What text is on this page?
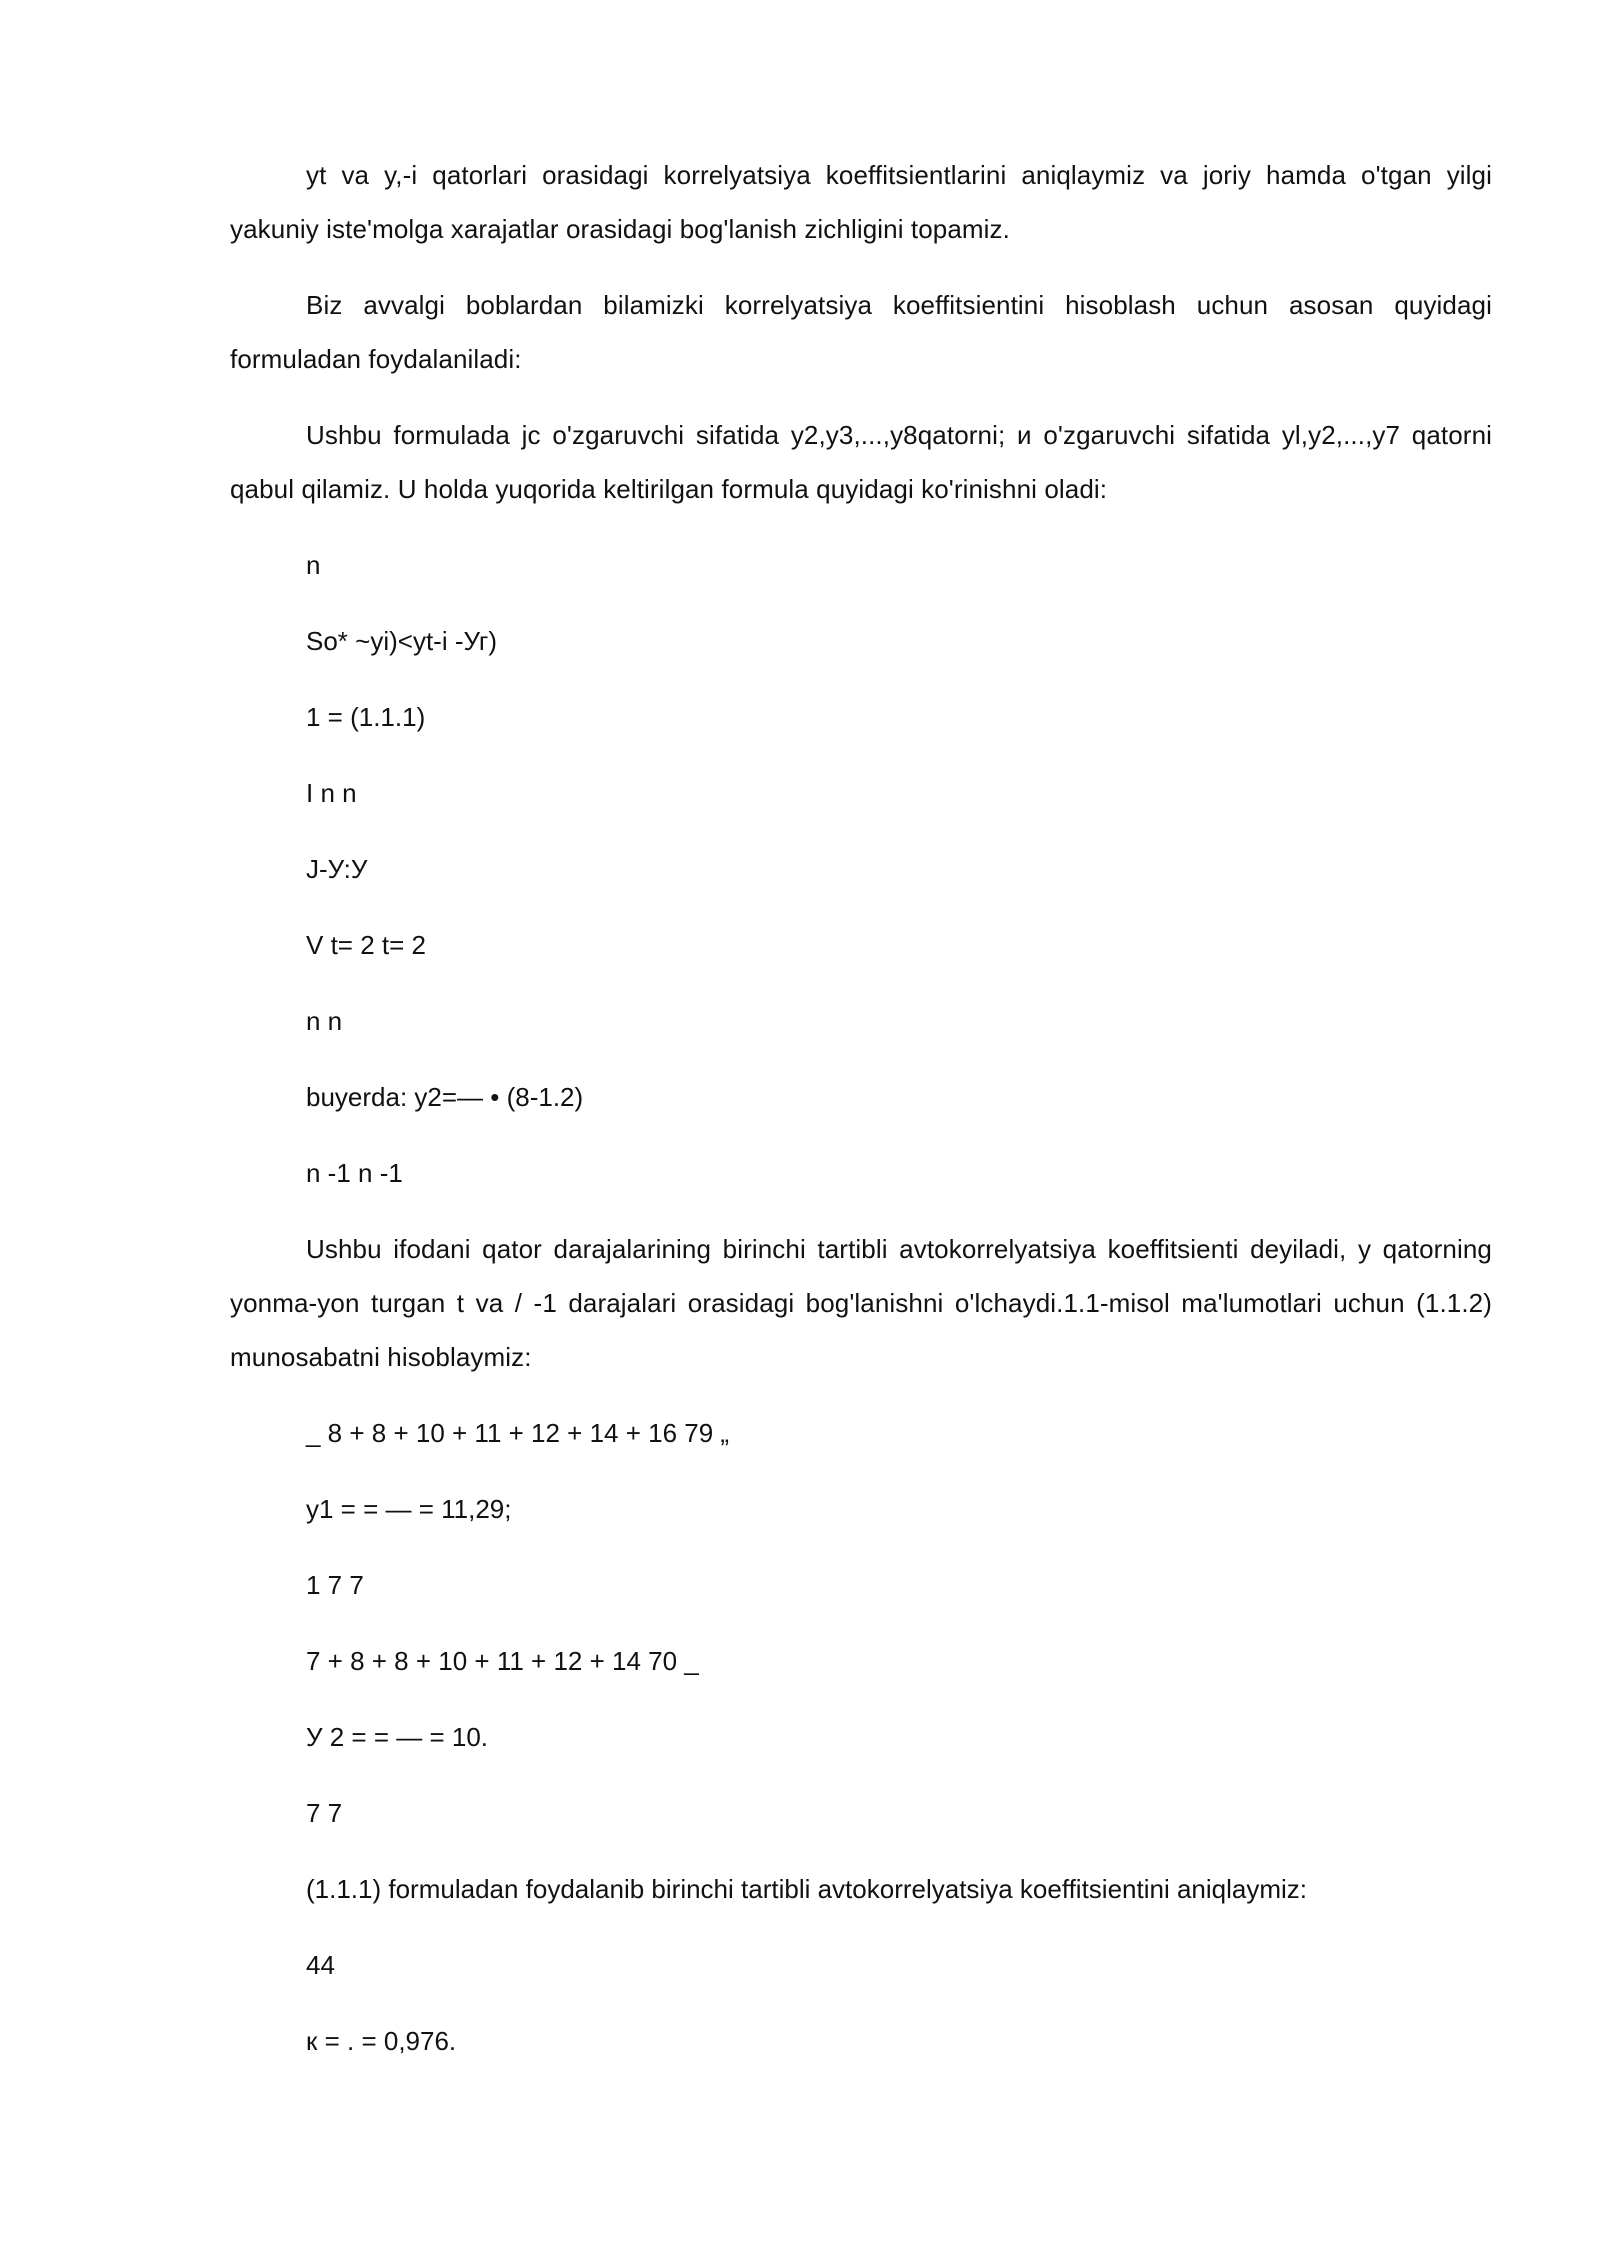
yt va y,-i qatorlari orasidagi korrelyatsiya koeffitsientlarini aniqlaymiz va joriy hamda o'tgan yilgi yakuniy iste'molga xarajatlar orasidagi bog'lanish zichligini topamiz.

Biz avvalgi boblardan bilamizki korrelyatsiya koeffitsientini hisoblash uchun asosan quyidagi formuladan foydalaniladi:

Ushbu formulada jc o'zgaruvchi sifatida y2,y3,...,y8qatorni; и o'zgaruvchi sifatida yl,y2,...,y7 qatorni qabul qilamiz. U holda yuqorida keltirilgan formula quyidagi ko'rinishni oladi:

n
So* ~yi)<yt-i -Уг)
1 = (1.1.1)
I n n
J-У:У
V t= 2 t= 2
n n
buyerda: y2=— • (8-1.2)
n -1 n -1

Ushbu ifodani qator darajalarining birinchi tartibli avtokorrelyatsiya koeffitsienti deyiladi, y qatorning yonma-yon turgan t va / -1 darajalari orasidagi bog'lanishni o'lchaydi.1.1-misol ma'lumotlari uchun (1.1.2) munosabatni hisoblaymiz:

_ 8 + 8 + 10 + 11 + 12 + 14 + 16 79 „
y1 = = — = 11,29;
1 7 7
7 + 8 + 8 + 10 + 11 + 12 + 14 70 _
У 2 = = — = 10.
7 7
(1.1.1) formuladan foydalanib birinchi tartibli avtokorrelyatsiya koeffitsientini aniqlaymiz:
44
к = . = 0,976.
